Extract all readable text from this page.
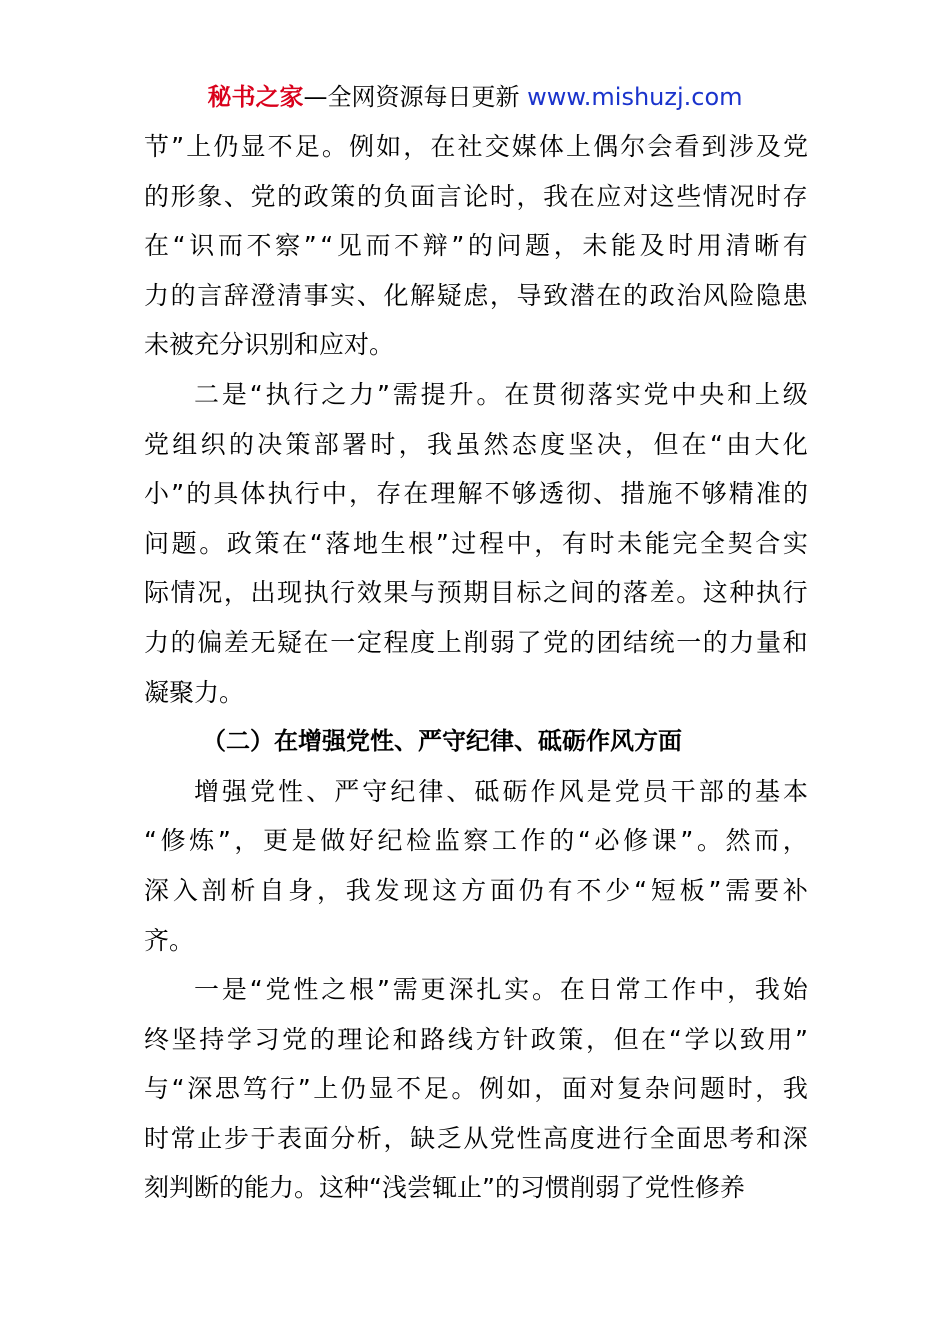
秘书之家—全网资源每日更新 www.mishuzj.com
节 ” 上 仍 显 不 足 。 例 如 ， 在 社 交 媒 体 上 偶 尔 会 看 到 涉 及 党
的 形 象 、 党 的 政 策 的 负 面 言 论 时 ， 我 在 应 对 这 些 情 况 时 存
在 “ 识 而 不 察 ” “ 见 而 不 辩 ” 的 问 题 ， 未 能 及 时 用 清 晰 有
力 的 言 辞 澄 清 事 实 、 化 解 疑 虑 ， 导 致 潜 在 的 政 治 风 险 隐 患
未被充分识别和应对。
二 是 “ 执 行 之 力 ” 需 提 升 。 在 贯 彻 落 实 党 中 央 和 上 级
党 组 织 的 决 策 部 署 时 ， 我 虽 然 态 度 坚 决 ， 但 在 “ 由 大 化
小 ” 的 具 体 执 行 中 ， 存 在 理 解 不 够 透 彻 、 措 施 不 够 精 准 的
问 题 。 政 策 在 “ 落 地 生 根 ” 过 程 中 ， 有 时 未 能 完 全 契 合 实
际 情 况 ， 出 现 执 行 效 果 与 预 期 目 标 之 间 的 落 差 。 这 种 执 行
力 的 偏 差 无 疑 在 一 定 程 度 上 削 弱 了 党 的 团 结 统 一 的 力 量 和
凝聚力。
（二）在增强党性、严守纪律、砥砺作风方面
增 强 党 性 、 严 守 纪 律 、 砥 砺 作 风 是 党 员 干 部 的 基 本
“ 修 炼 ” ， 更 是 做 好 纪 检 监 察 工 作 的 “ 必 修 课 ” 。 然 而 ，
深 入 剖 析 自 身 ， 我 发 现 这 方 面 仍 有 不 少 “ 短 板 ” 需 要 补
齐。
一 是 “ 党 性 之 根 ” 需 更 深 扎 实 。 在 日 常 工 作 中 ， 我 始
终 坚 持 学 习 党 的 理 论 和 路 线 方 针 政 策 ， 但 在 “ 学 以 致 用 ”
与 “ 深 思 笃 行 ” 上 仍 显 不 足 。 例 如 ， 面 对 复 杂 问 题 时 ， 我
时 常 止 步 于 表 面 分 析 ， 缺 乏 从 党 性 高 度 进 行 全 面 思 考 和 深
刻判断的能力。这种“浅尝辄止”的习惯削弱了党性修养
